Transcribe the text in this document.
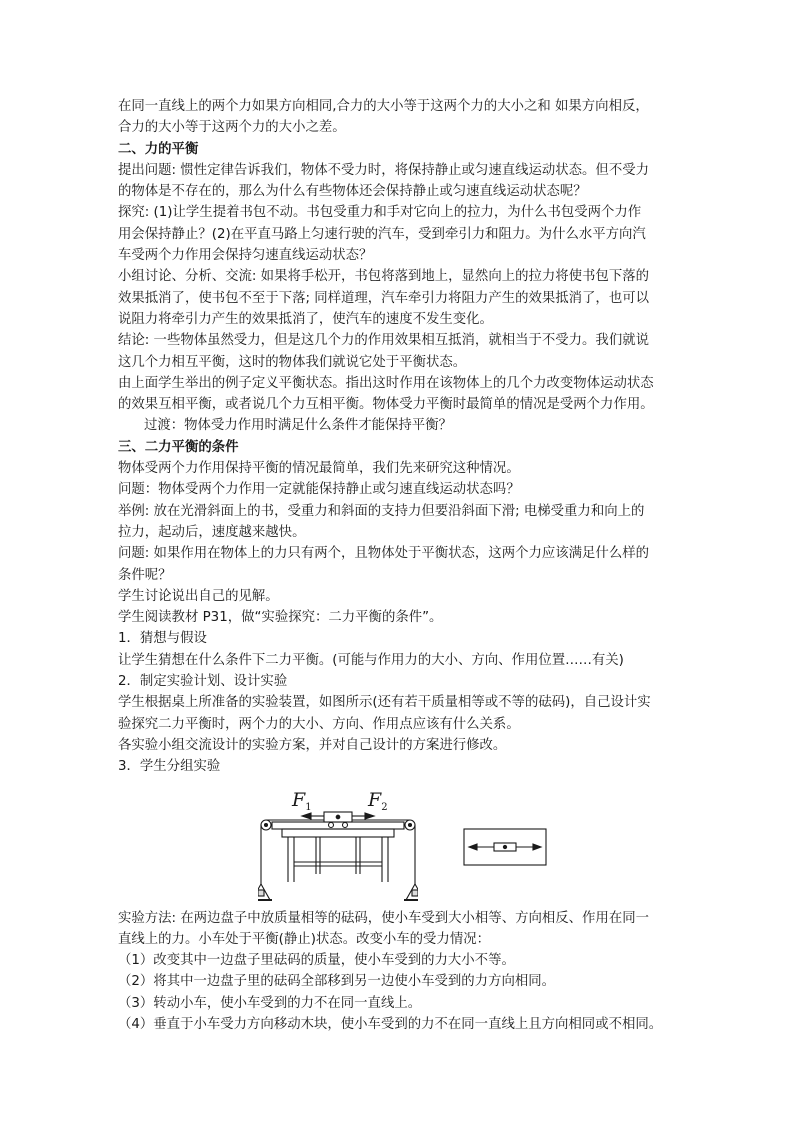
在同一直线上的两个力如果方向相同,合力的大小等于这两个力的大小之和 如果方向相反，

合力的大小等于这两个力的大小之差。

二、力的平衡

提出问题: 惯性定律告诉我们，物体不受力时，将保持静止或匀速直线运动状态。但不受力

的物体是不存在的，那么为什么有些物体还会保持静止或匀速直线运动状态呢？

探究: (1)让学生提着书包不动。书包受重力和手对它向上的拉力，为什么书包受两个力作

用会保持静止？(2)在平直马路上匀速行驶的汽车，受到牵引力和阻力。为什么水平方向汽

车受两个力作用会保持匀速直线运动状态？

小组讨论、分析、交流: 如果将手松开，书包将落到地上，显然向上的拉力将使书包下落的

效果抵消了，使书包不至于下落; 同样道理，汽车牵引力将阻力产生的效果抵消了，也可以

说阻力将牵引力产生的效果抵消了，使汽车的速度不发生变化。

结论: 一些物体虽然受力，但是这几个力的作用效果相互抵消，就相当于不受力。我们就说

这几个力相互平衡，这时的物体我们就说它处于平衡状态。

由上面学生举出的例子定义平衡状态。指出这时作用在该物体上的几个力改变物体运动状态

的效果互相平衡，或者说几个力互相平衡。物体受力平衡时最简单的情况是受两个力作用。

过渡：物体受力作用时满足什么条件才能保持平衡？

三、二力平衡的条件

物体受两个力作用保持平衡的情况最简单，我们先来研究这种情况。

问题：物体受两个力作用一定就能保持静止或匀速直线运动状态吗？

举例: 放在光滑斜面上的书，受重力和斜面的支持力但要沿斜面下滑; 电梯受重力和向上的

拉力，起动后，速度越来越快。

问题: 如果作用在物体上的力只有两个，且物体处于平衡状态，这两个力应该满足什么样的

条件呢？

学生讨论说出自己的见解。

学生阅读教材 P31，做“实验探究：二力平衡的条件”。

1．猜想与假设

让学生猜想在什么条件下二力平衡。(可能与作用力的大小、方向、作用位置……有关)

2．制定实验计划、设计实验

学生根据桌上所准备的实验装置，如图所示(还有若干质量相等或不等的砝码)，自己设计实

验探究二力平衡时，两个力的大小、方向、作用点应该有什么关系。

各实验小组交流设计的实验方案，并对自己设计的方案进行修改。

3．学生分组实验

$F_1$	$F_2$

实验方法: 在两边盘子中放质量相等的砝码，使小车受到大小相等、方向相反、作用在同一

直线上的力。小车处于平衡(静止)状态。改变小车的受力情况：

（1）改变其中一边盘子里砝码的质量，使小车受到的力大小不等。

（2）将其中一边盘子里的砝码全部移到另一边使小车受到的力方向相同。

（3）转动小车，使小车受到的力不在同一直线上。

（4）垂直于小车受力方向移动木块，使小车受到的力不在同一直线上且方向相同或不相同。
